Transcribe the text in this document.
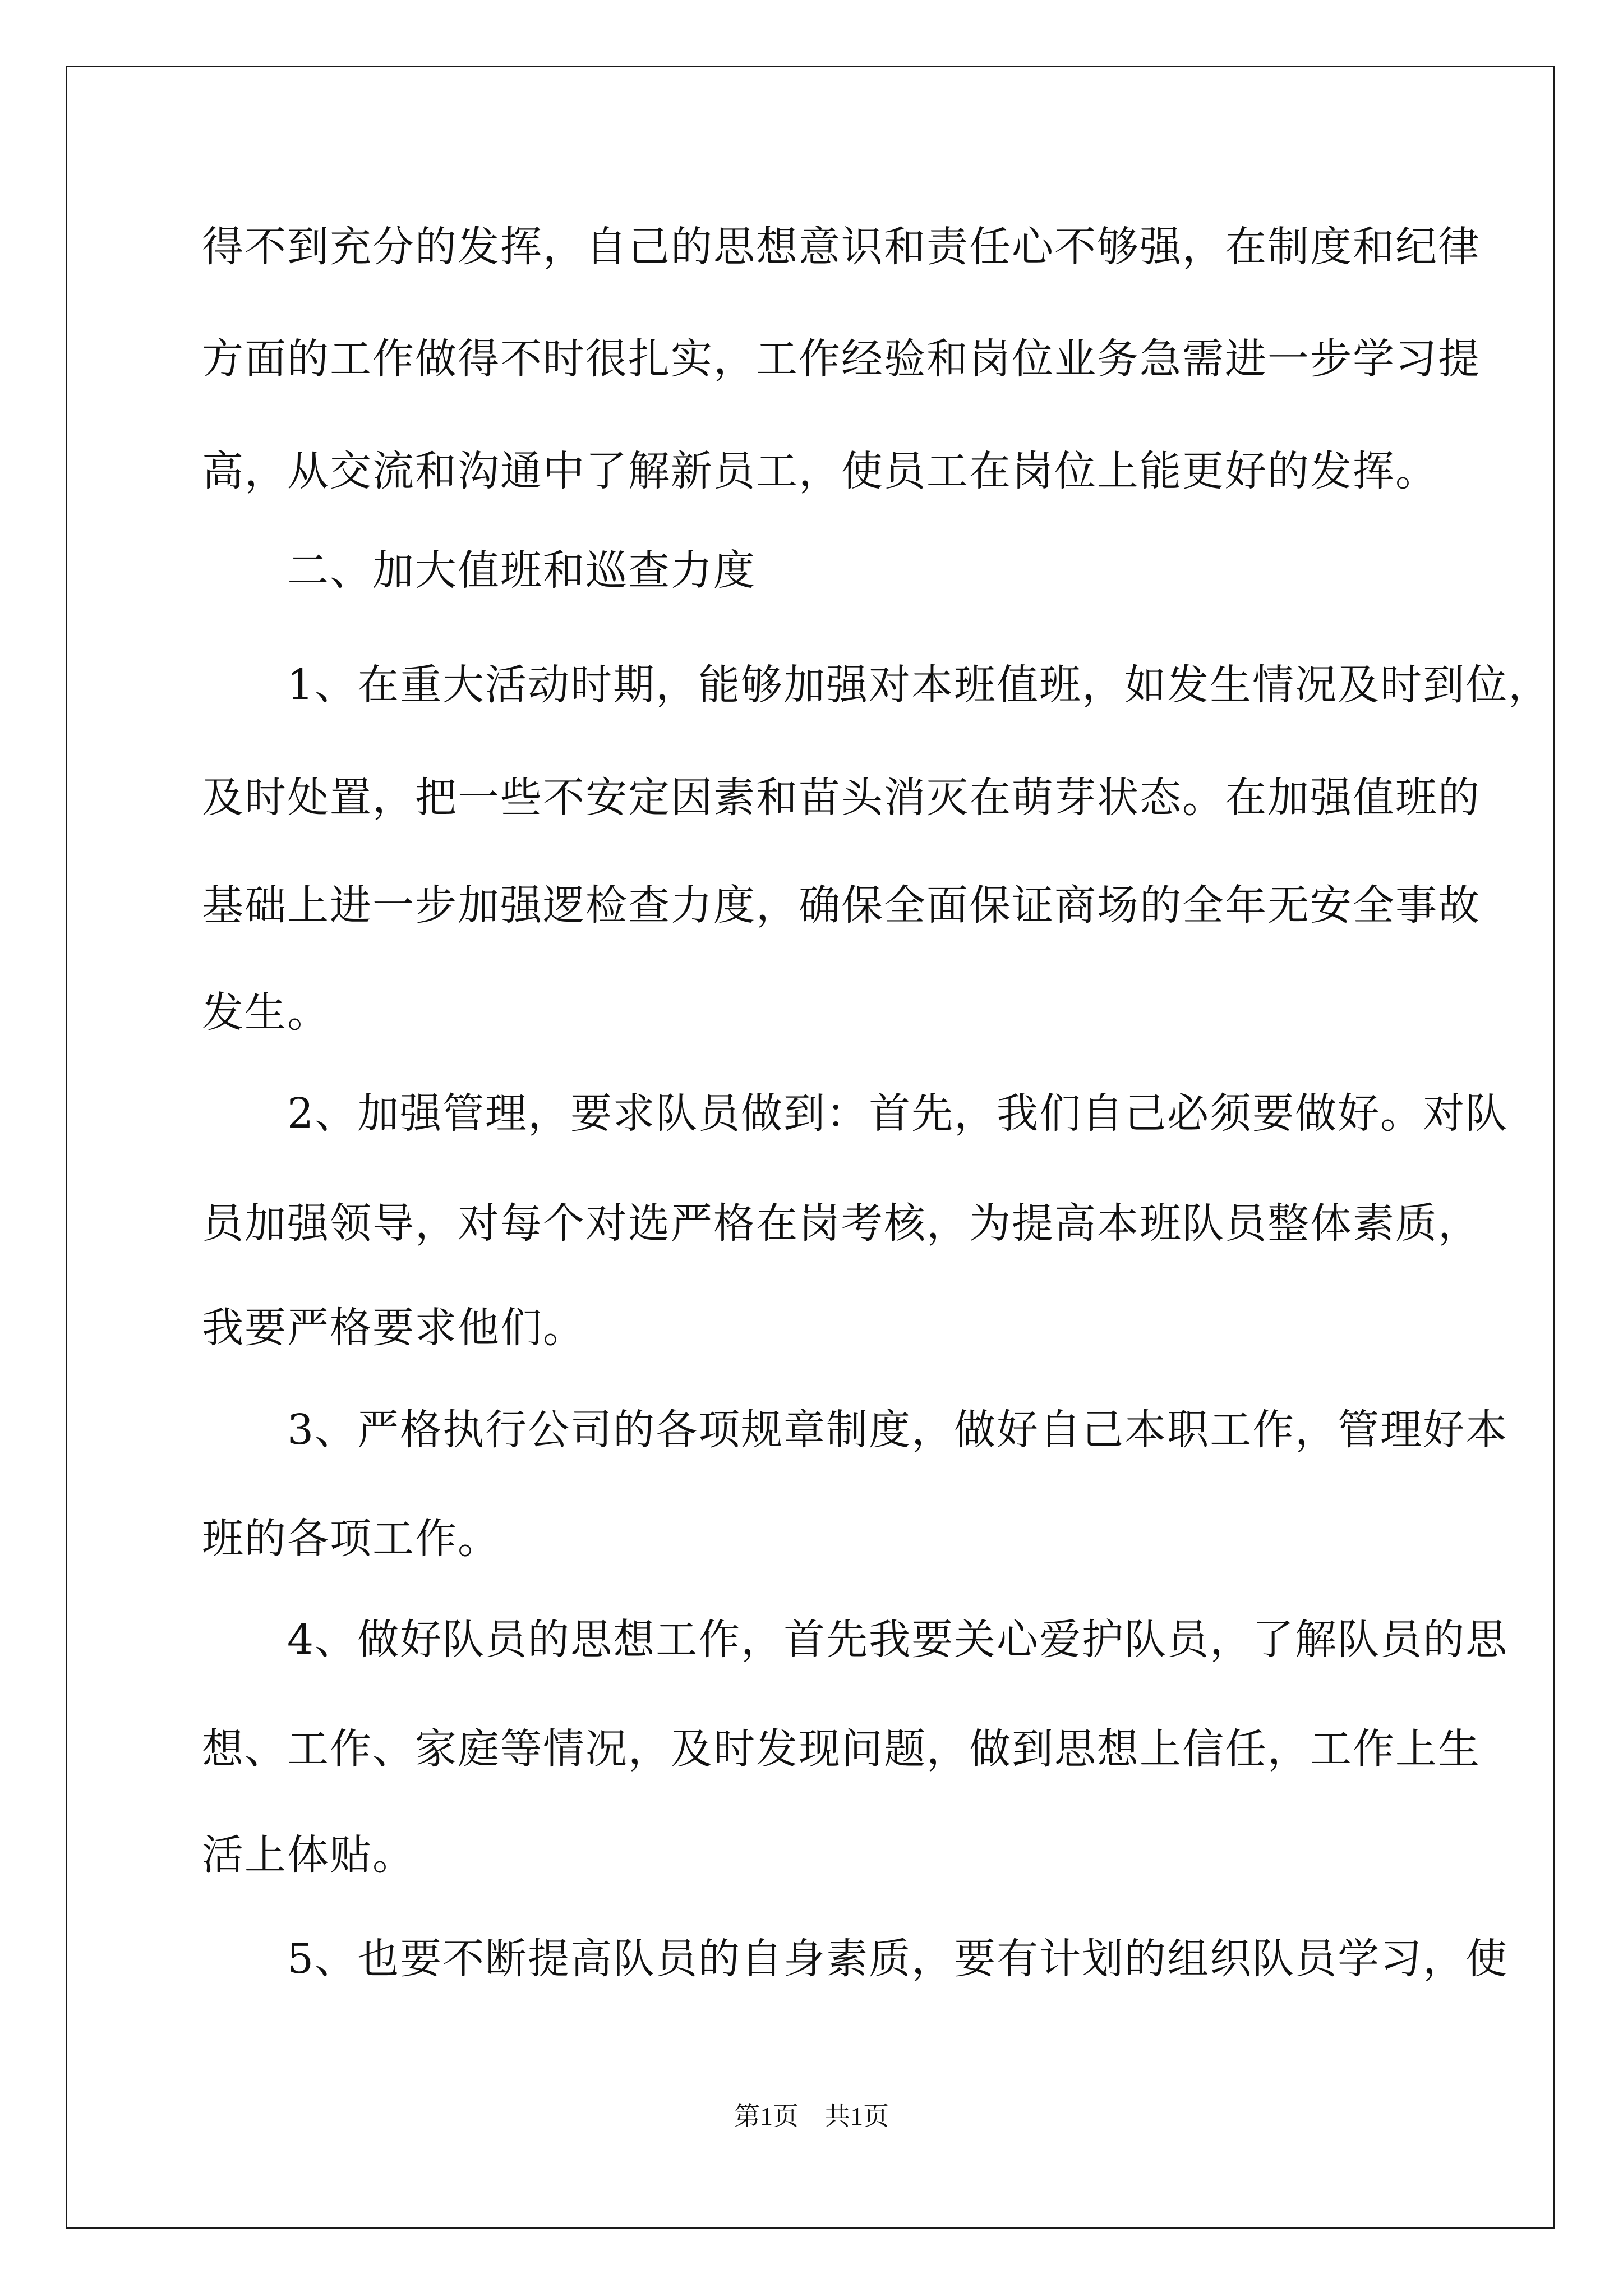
得不到充分的发挥，自己的思想意识和责任心不够强，在制度和纪律
方面的工作做得不时很扎实，工作经验和岗位业务急需进一步学习提
高，从交流和沟通中了解新员工，使员工在岗位上能更好的发挥。
　　二、加大值班和巡查力度
　　1、在重大活动时期，能够加强对本班值班，如发生情况及时到位，
及时处置，把一些不安定因素和苗头消灭在萌芽状态。在加强值班的
基础上进一步加强逻检查力度，确保全面保证商场的全年无安全事故
发生。
　　2、加强管理，要求队员做到：首先，我们自己必须要做好。对队
员加强领导，对每个对选严格在岗考核，为提高本班队员整体素质，
我要严格要求他们。
　　3、严格执行公司的各项规章制度，做好自己本职工作，管理好本
班的各项工作。
　　4、做好队员的思想工作，首先我要关心爱护队员，了解队员的思
想、工作、家庭等情况，及时发现问题，做到思想上信任，工作上生
活上体贴。
　　5、也要不断提高队员的自身素质，要有计划的组织队员学习，使
第1页　共1页
